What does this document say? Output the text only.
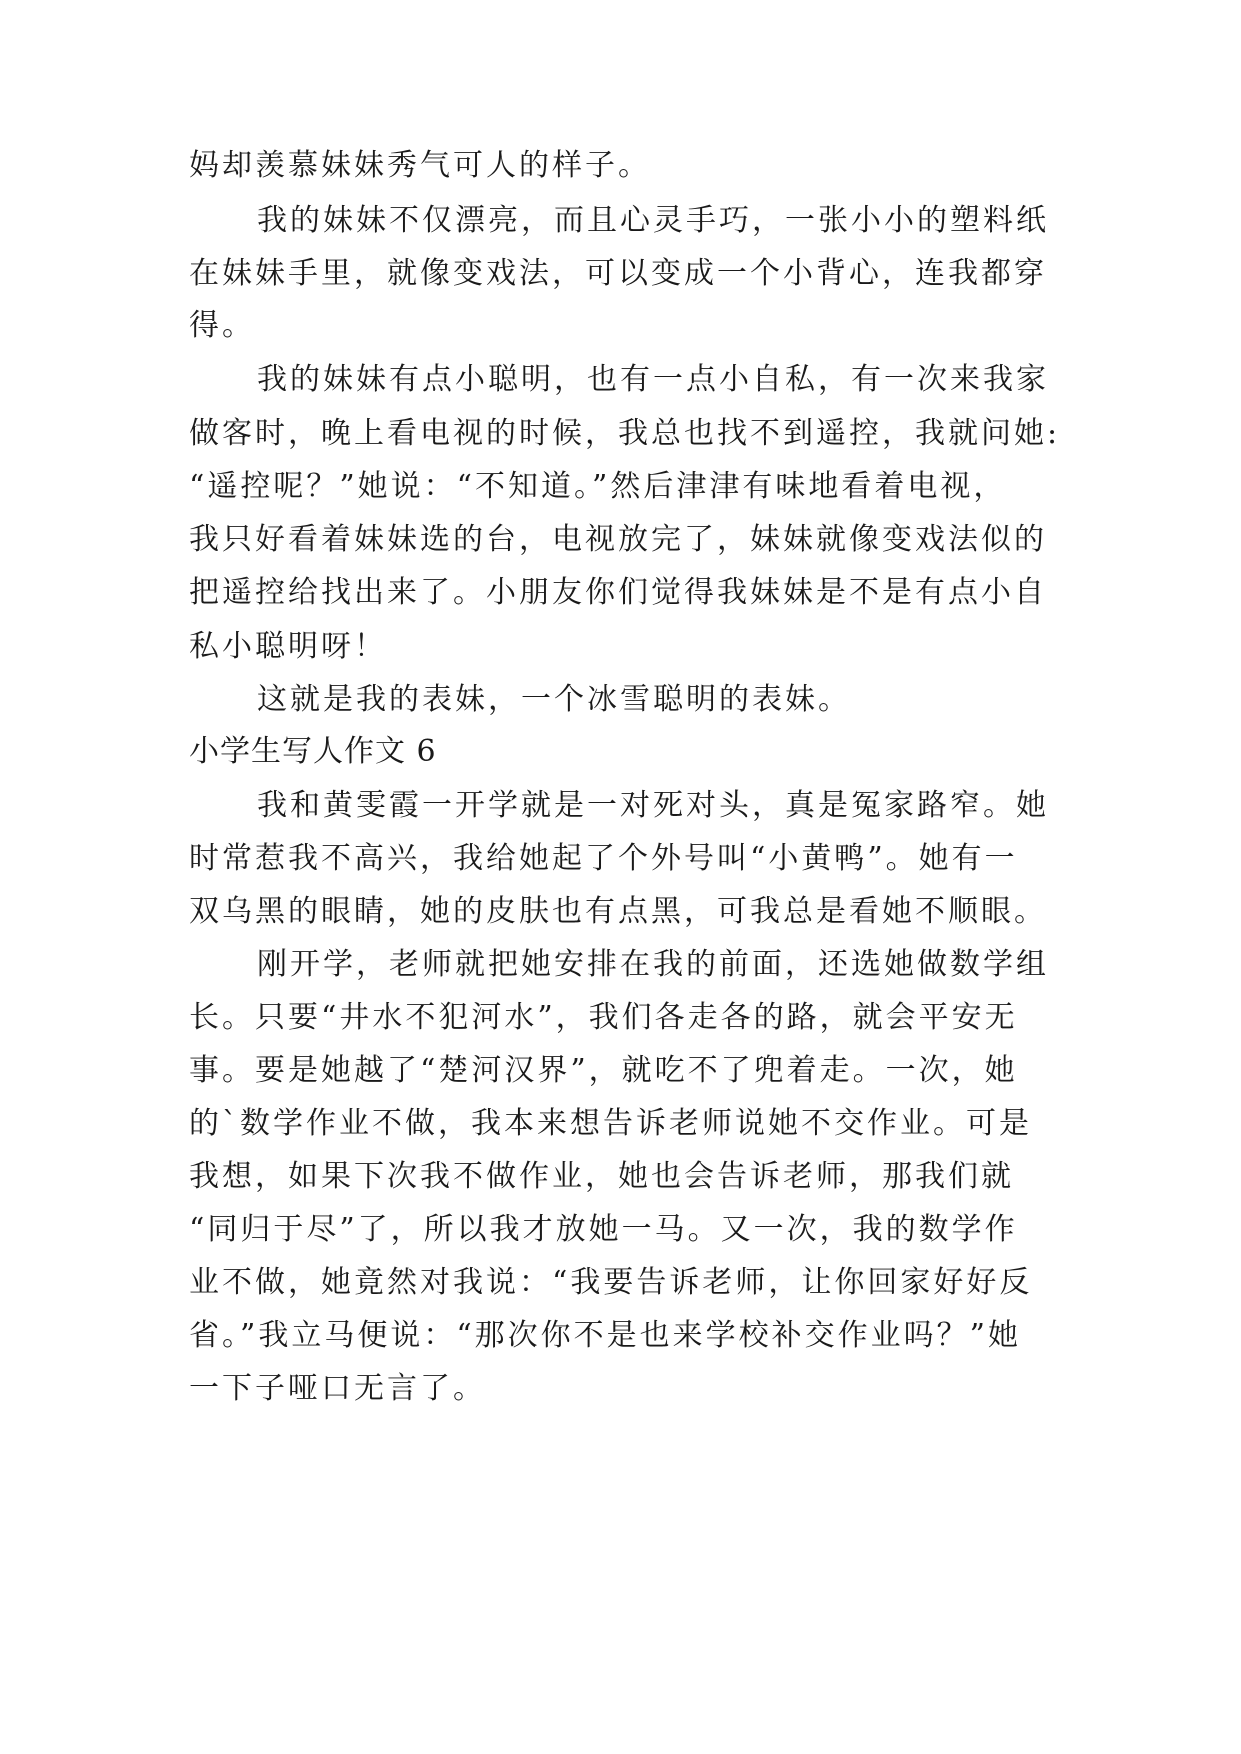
妈却羡慕妹妹秀气可人的样子。
我的妹妹不仅漂亮，而且心灵手巧，一张小小的塑料纸
在妹妹手里，就像变戏法，可以变成一个小背心，连我都穿
得。
我的妹妹有点小聪明，也有一点小自私，有一次来我家
做客时，晚上看电视的时候，我总也找不到遥控，我就问她:
“遥控呢？”她说：“不知道。”然后津津有味地看着电视，
我只好看着妹妹选的台，电视放完了，妹妹就像变戏法似的
把遥控给找出来了。小朋友你们觉得我妹妹是不是有点小自
私小聪明呀！
这就是我的表妹，一个冰雪聪明的表妹。
小学生写人作文 6
我和黄雯霞一开学就是一对死对头，真是冤家路窄。她
时常惹我不高兴，我给她起了个外号叫“小黄鸭”。她有一
双乌黑的眼睛，她的皮肤也有点黑，可我总是看她不顺眼。
刚开学，老师就把她安排在我的前面，还选她做数学组
长。只要“井水不犯河水”，我们各走各的路，就会平安无
事。要是她越了“楚河汉界”，就吃不了兜着走。一次，她
的`数学作业不做，我本来想告诉老师说她不交作业。可是
我想，如果下次我不做作业，她也会告诉老师，那我们就
“同归于尽”了，所以我才放她一马。又一次，我的数学作
业不做，她竟然对我说：“我要告诉老师，让你回家好好反
省。”我立马便说：“那次你不是也来学校补交作业吗？”她
一下子哑口无言了。
